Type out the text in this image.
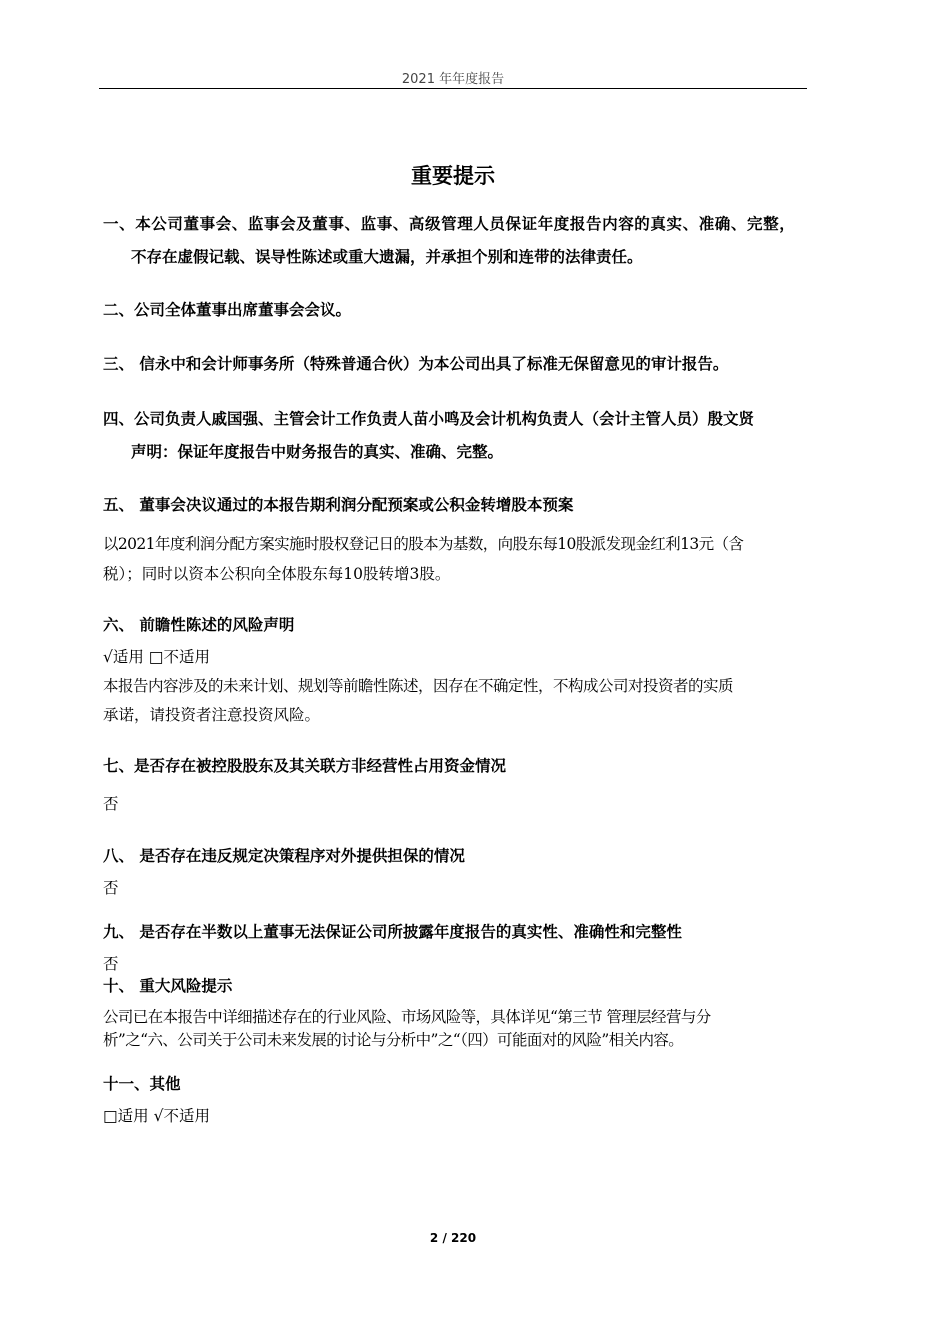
2021 年年度报告
重要提示
一、本公司董事会、监事会及董事、监事、高级管理人员保证年度报告内容的真实、准确、完整，
不存在虚假记载、误导性陈述或重大遗漏，并承担个别和连带的法律责任。
二、公司全体董事出席董事会会议。
三、 信永中和会计师事务所（特殊普通合伙）为本公司出具了标准无保留意见的审计报告。
四、公司负责人戚国强、主管会计工作负责人苗小鸣及会计机构负责人（会计主管人员）殷文贤
声明：保证年度报告中财务报告的真实、准确、完整。
五、 董事会决议通过的本报告期利润分配预案或公积金转增股本预案
以2021年度利润分配方案实施时股权登记日的股本为基数，向股东每10股派发现金红利13元（含
税）；同时以资本公积向全体股东每10股转增3股。
六、 前瞻性陈述的风险声明
√适用 □不适用
本报告内容涉及的未来计划、规划等前瞻性陈述，因存在不确定性，不构成公司对投资者的实质
承诺，请投资者注意投资风险。
七、是否存在被控股股东及其关联方非经营性占用资金情况
否
八、 是否存在违反规定决策程序对外提供担保的情况
否
九、 是否存在半数以上董事无法保证公司所披露年度报告的真实性、准确性和完整性
否
十、 重大风险提示
公司已在本报告中详细描述存在的行业风险、市场风险等，具体详见“第三节 管理层经营与分
析”之“六、公司关于公司未来发展的讨论与分析中”之“（四）可能面对的风险”相关内容。
十一、其他
□适用 √不适用
2 / 220
